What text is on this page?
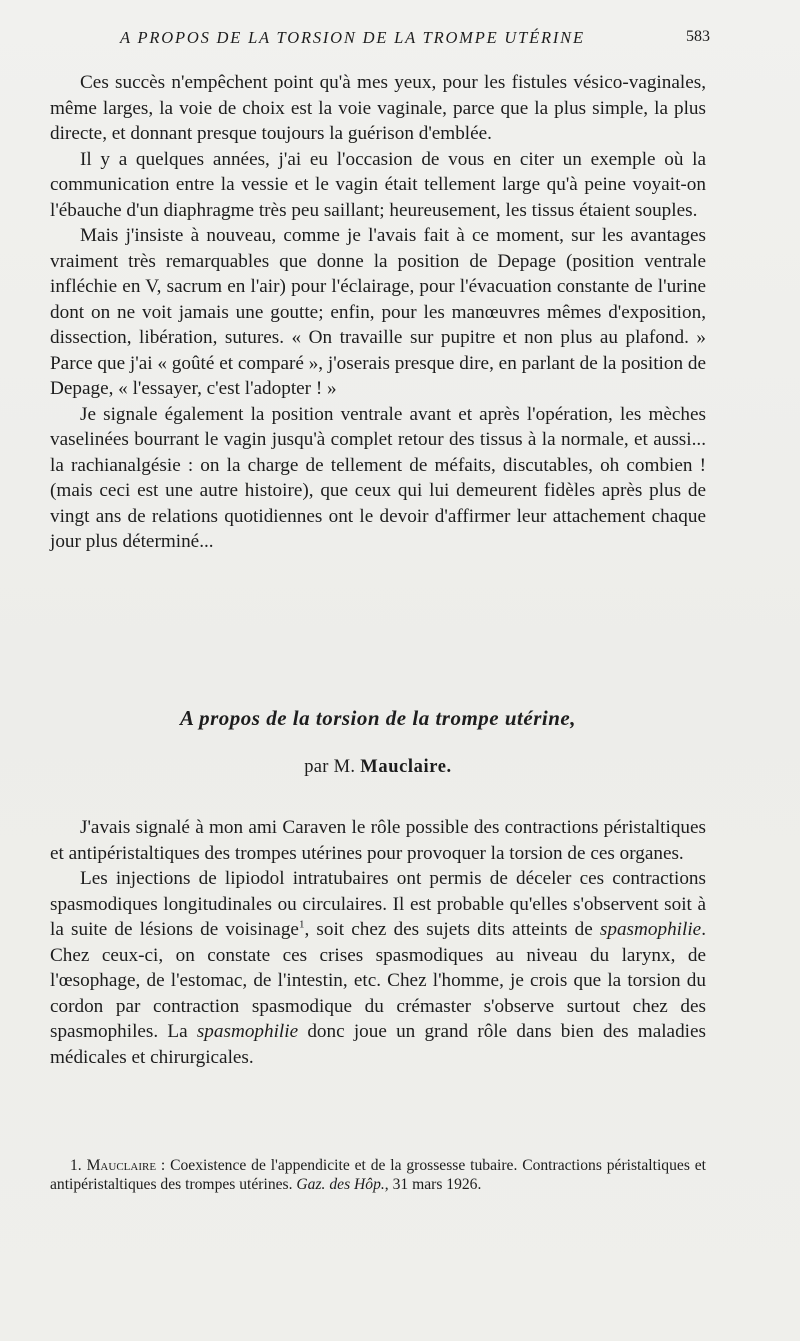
A PROPOS DE LA TORSION DE LA TROMPE UTÉRINE	583

Ces succès n'empêchent point qu'à mes yeux, pour les fistules vésico-vaginales, même larges, la voie de choix est la voie vaginale, parce que la plus simple, la plus directe, et donnant presque toujours la guérison d'emblée.

Il y a quelques années, j'ai eu l'occasion de vous en citer un exemple où la communication entre la vessie et le vagin était tellement large qu'à peine voyait-on l'ébauche d'un diaphragme très peu saillant; heureusement, les tissus étaient souples.

Mais j'insiste à nouveau, comme je l'avais fait à ce moment, sur les avantages vraiment très remarquables que donne la position de Depage (position ventrale infléchie en V, sacrum en l'air) pour l'éclairage, pour l'évacuation constante de l'urine dont on ne voit jamais une goutte; enfin, pour les manœuvres mêmes d'exposition, dissection, libération, sutures. « On travaille sur pupitre et non plus au plafond. » Parce que j'ai « goûté et comparé », j'oserais presque dire, en parlant de la position de Depage, « l'essayer, c'est l'adopter ! »

Je signale également la position ventrale avant et après l'opération, les mèches vaselinées bourrant le vagin jusqu'à complet retour des tissus à la normale, et aussi... la rachianalgésie : on la charge de tellement de méfaits, discutables, oh combien ! (mais ceci est une autre histoire), que ceux qui lui demeurent fidèles après plus de vingt ans de relations quotidiennes ont le devoir d'affirmer leur attachement chaque jour plus déterminé...

A propos de la torsion de la trompe utérine,
par M. Mauclaire.

J'avais signalé à mon ami Caraven le rôle possible des contractions péristaltiques et antipéristaltiques des trompes utérines pour provoquer la torsion de ces organes.

Les injections de lipiodol intratubaires ont permis de déceler ces contractions spasmodiques longitudinales ou circulaires. Il est probable qu'elles s'observent soit à la suite de lésions de voisinage$^1$, soit chez des sujets dits atteints de spasmophilie. Chez ceux-ci, on constate ces crises spasmodiques au niveau du larynx, de l'œsophage, de l'estomac, de l'intestin, etc. Chez l'homme, je crois que la torsion du cordon par contraction spasmodique du crémaster s'observe surtout chez des spasmophiles. La spasmophilie donc joue un grand rôle dans bien des maladies médicales et chirurgicales.

1. Mauclaire : Coexistence de l'appendicite et de la grossesse tubaire. Contractions péristaltiques et antipéristaltiques des trompes utérines. Gaz. des Hôp., 31 mars 1926.
